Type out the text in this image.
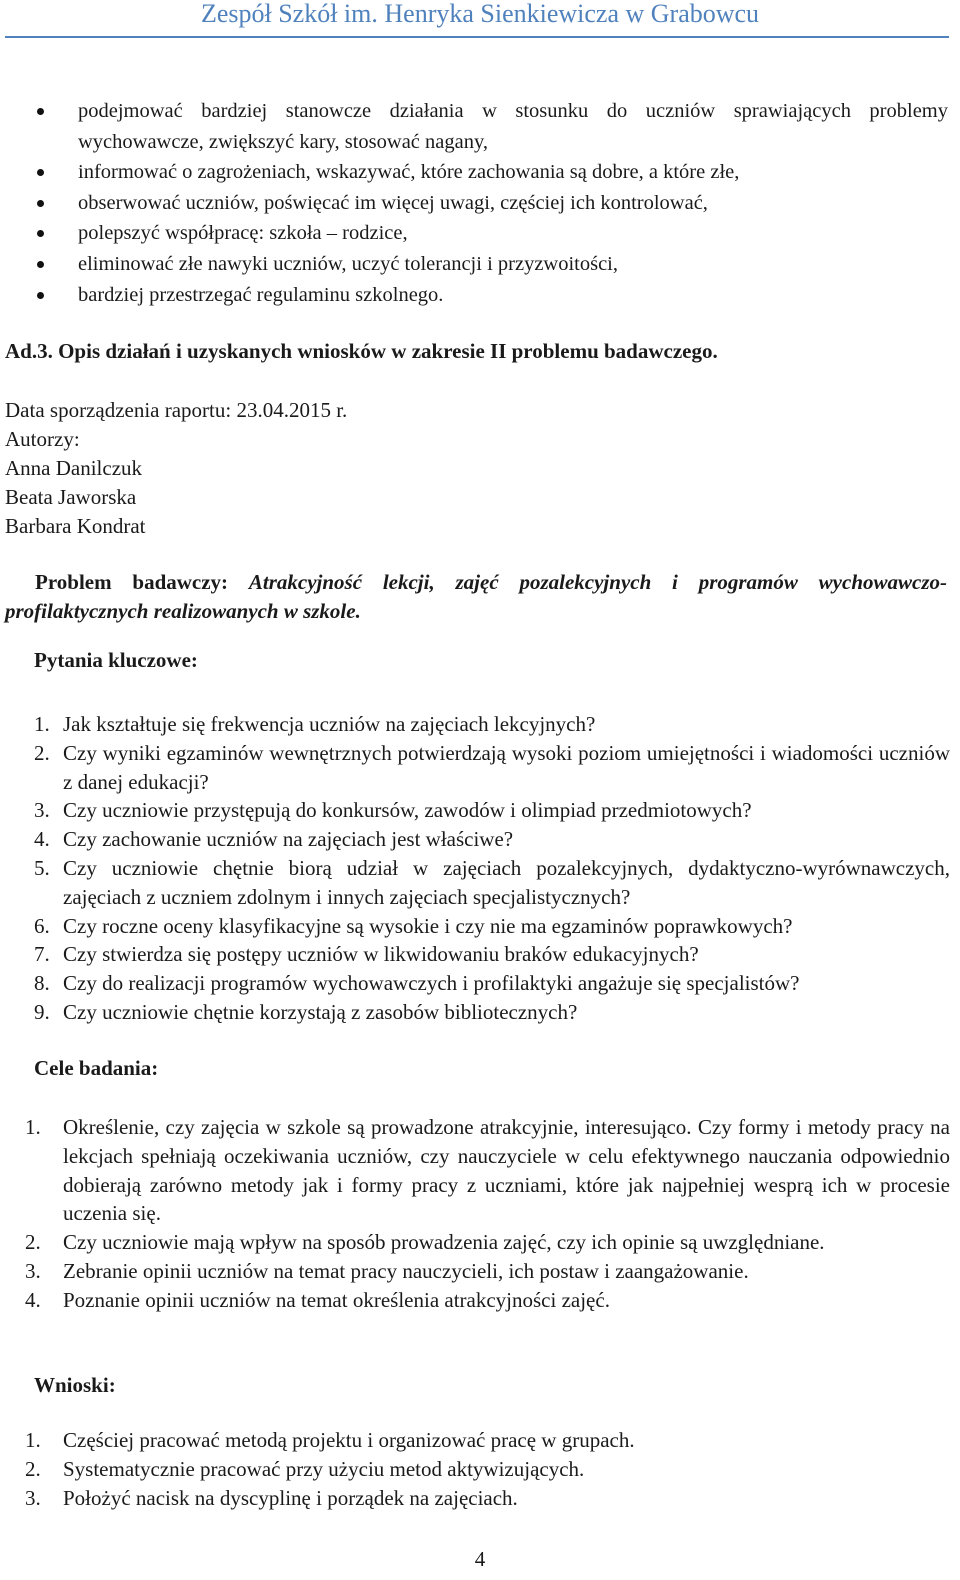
Zespół Szkół im. Henryka Sienkiewicza w Grabowcu
podejmować bardziej stanowcze działania w stosunku do uczniów sprawiających problemy wychowawcze, zwiększyć kary, stosować nagany,
informować o zagrożeniach, wskazywać, które zachowania są dobre, a które złe,
obserwować uczniów, poświęcać im więcej uwagi, częściej ich kontrolować,
polepszyć współpracę: szkoła – rodzice,
eliminować złe nawyki uczniów, uczyć tolerancji i przyzwoitości,
bardziej przestrzegać regulaminu szkolnego.
Ad.3. Opis działań i uzyskanych wniosków w zakresie II problemu badawczego.
Data sporządzenia raportu: 23.04.2015 r.
Autorzy:
Anna Danilczuk
Beata Jaworska
Barbara Kondrat

Problem badawczy: Atrakcyjność lekcji, zajęć pozalekcyjnych i programów wychowawczo- profilaktycznych realizowanych w szkole.

Pytania kluczowe:
1. Jak kształtuje się frekwencja uczniów na zajęciach lekcyjnych?
2. Czy wyniki egzaminów wewnętrznych potwierdzają wysoki poziom umiejętności i wiadomości uczniów z danej edukacji?
3. Czy uczniowie przystępują do konkursów, zawodów i olimpiad przedmiotowych?
4. Czy zachowanie uczniów na zajęciach jest właściwe?
5. Czy uczniowie chętnie biorą udział w zajęciach pozalekcyjnych, dydaktyczno-wyrównawczych, zajęciach z uczniem zdolnym i innych zajęciach specjalistycznych?
6. Czy roczne oceny klasyfikacyjne są wysokie i czy nie ma egzaminów poprawkowych?
7. Czy stwierdza się postępy uczniów w likwidowaniu braków edukacyjnych?
8. Czy do realizacji programów wychowawczych i profilaktyki angażuje się specjalistów?
9. Czy uczniowie chętnie korzystają z zasobów bibliotecznych?
Cele badania:
1. Określenie, czy zajęcia w szkole są prowadzone atrakcyjnie, interesująco. Czy formy i metody pracy na lekcjach spełniają oczekiwania uczniów, czy nauczyciele w celu efektywnego nauczania odpowiednio dobierają zarówno metody jak i formy pracy z uczniami, które jak najpełniej wesprą ich w procesie uczenia się.
2. Czy uczniowie mają wpływ na sposób prowadzenia zajęć, czy ich opinie są uwzględniane.
3. Zebranie opinii uczniów na temat pracy nauczycieli, ich postaw i zaangażowanie.
4. Poznanie opinii uczniów na temat określenia atrakcyjności zajęć.
Wnioski:
1. Częściej pracować metodą projektu i organizować pracę w grupach.
2. Systematycznie pracować przy użyciu metod aktywizujących.
3. Położyć nacisk na dyscyplinę i porządek na zajęciach.
4
